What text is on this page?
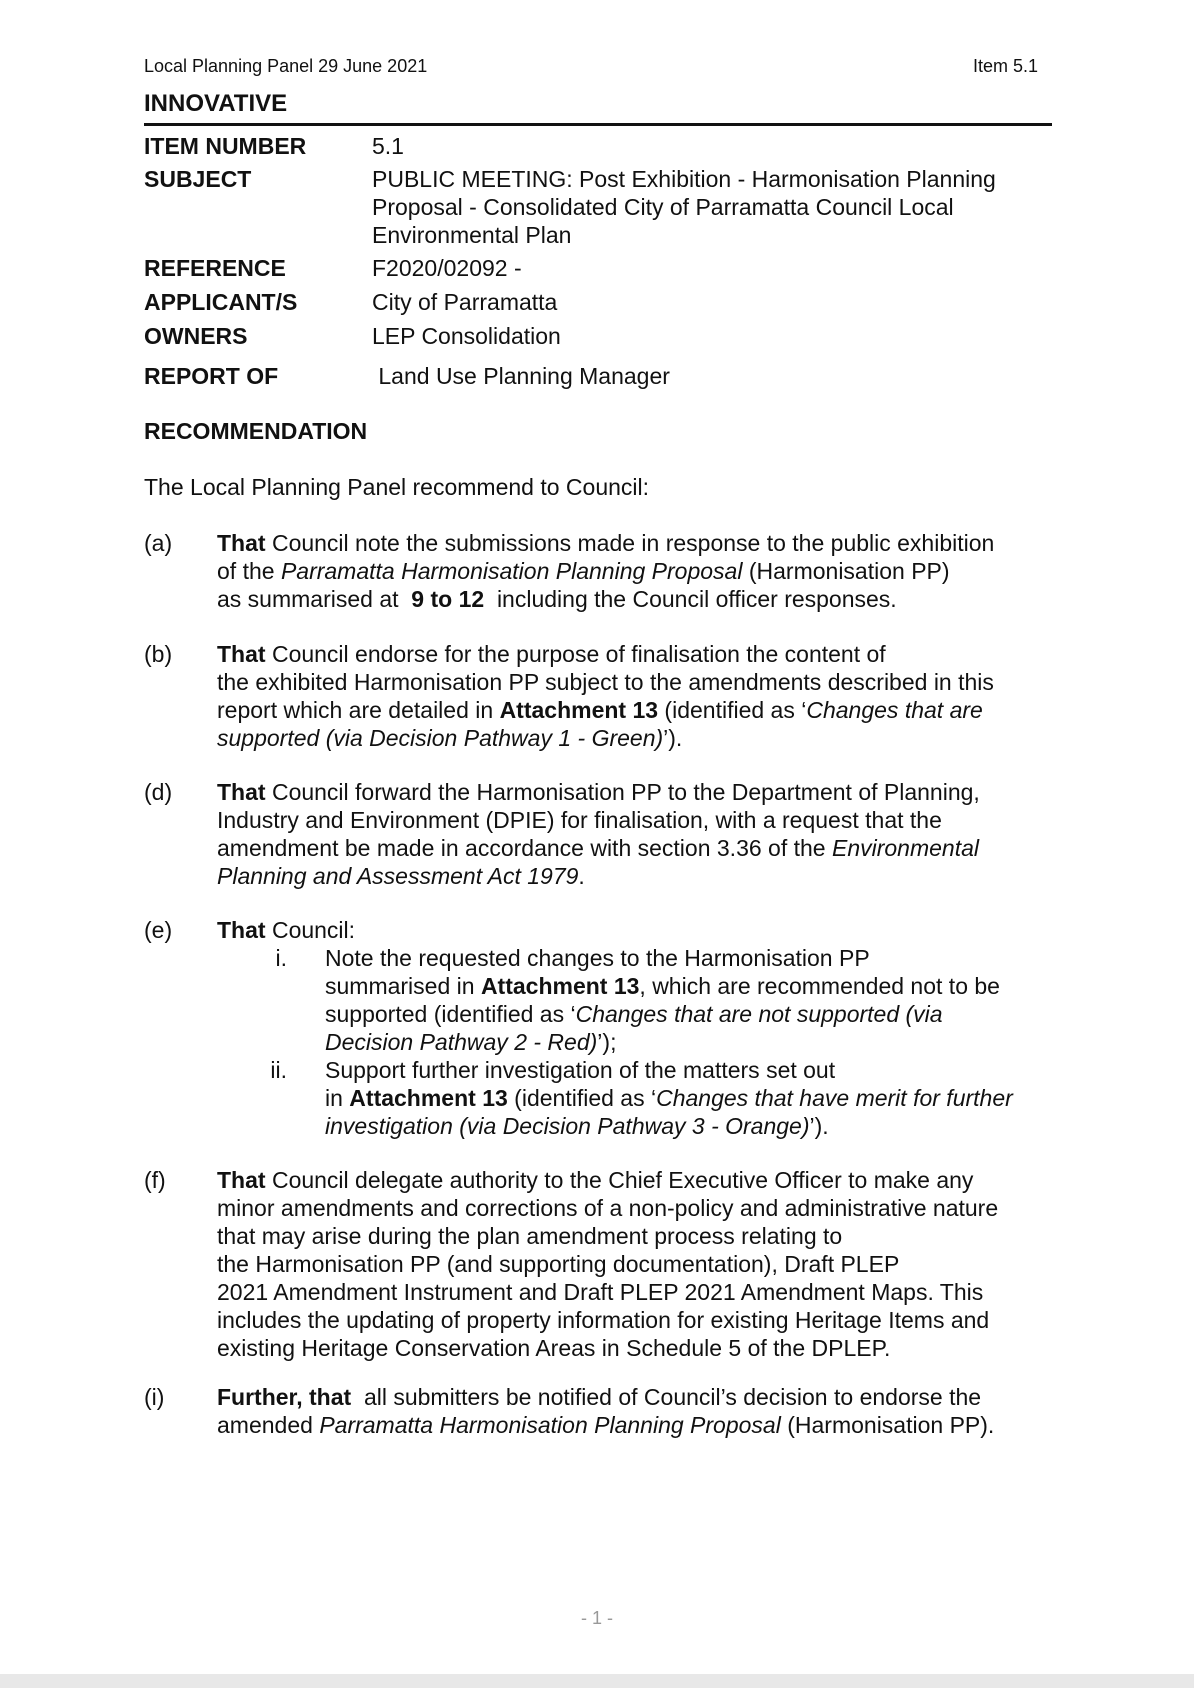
Local Planning Panel 29 June 2021	Item 5.1
INNOVATIVE
ITEM NUMBER	5.1
SUBJECT	PUBLIC MEETING: Post Exhibition - Harmonisation Planning Proposal - Consolidated City of Parramatta Council Local Environmental Plan
REFERENCE	F2020/02092 -
APPLICANT/S	City of Parramatta
OWNERS	LEP Consolidation
REPORT OF	Land Use Planning Manager
RECOMMENDATION
The Local Planning Panel recommend to Council:
(a) That Council note the submissions made in response to the public exhibition
of the Parramatta Harmonisation Planning Proposal (Harmonisation PP)
as summarised at  9 to 12  including the Council officer responses.
(b) That Council endorse for the purpose of finalisation the content of
the exhibited Harmonisation PP subject to the amendments described in this
report which are detailed in Attachment 13 (identified as ‘Changes that are
supported (via Decision Pathway 1 - Green)’).
(d) That Council forward the Harmonisation PP to the Department of Planning,
Industry and Environment (DPIE) for finalisation, with a request that the
amendment be made in accordance with section 3.36 of the Environmental
Planning and Assessment Act 1979.
(e) That Council:
i. Note the requested changes to the Harmonisation PP
summarised in Attachment 13, which are recommended not to be
supported (identified as ‘Changes that are not supported (via
Decision Pathway 2 - Red)’);
ii. Support further investigation of the matters set out
in Attachment 13 (identified as ‘Changes that have merit for further
investigation (via Decision Pathway 3 - Orange)’).
(f) That Council delegate authority to the Chief Executive Officer to make any
minor amendments and corrections of a non-policy and administrative nature
that may arise during the plan amendment process relating to
the Harmonisation PP (and supporting documentation), Draft PLEP
2021 Amendment Instrument and Draft PLEP 2021 Amendment Maps. This
includes the updating of property information for existing Heritage Items and
existing Heritage Conservation Areas in Schedule 5 of the DPLEP.
(i) Further, that  all submitters be notified of Council’s decision to endorse the
amended Parramatta Harmonisation Planning Proposal (Harmonisation PP).
- 1 -
